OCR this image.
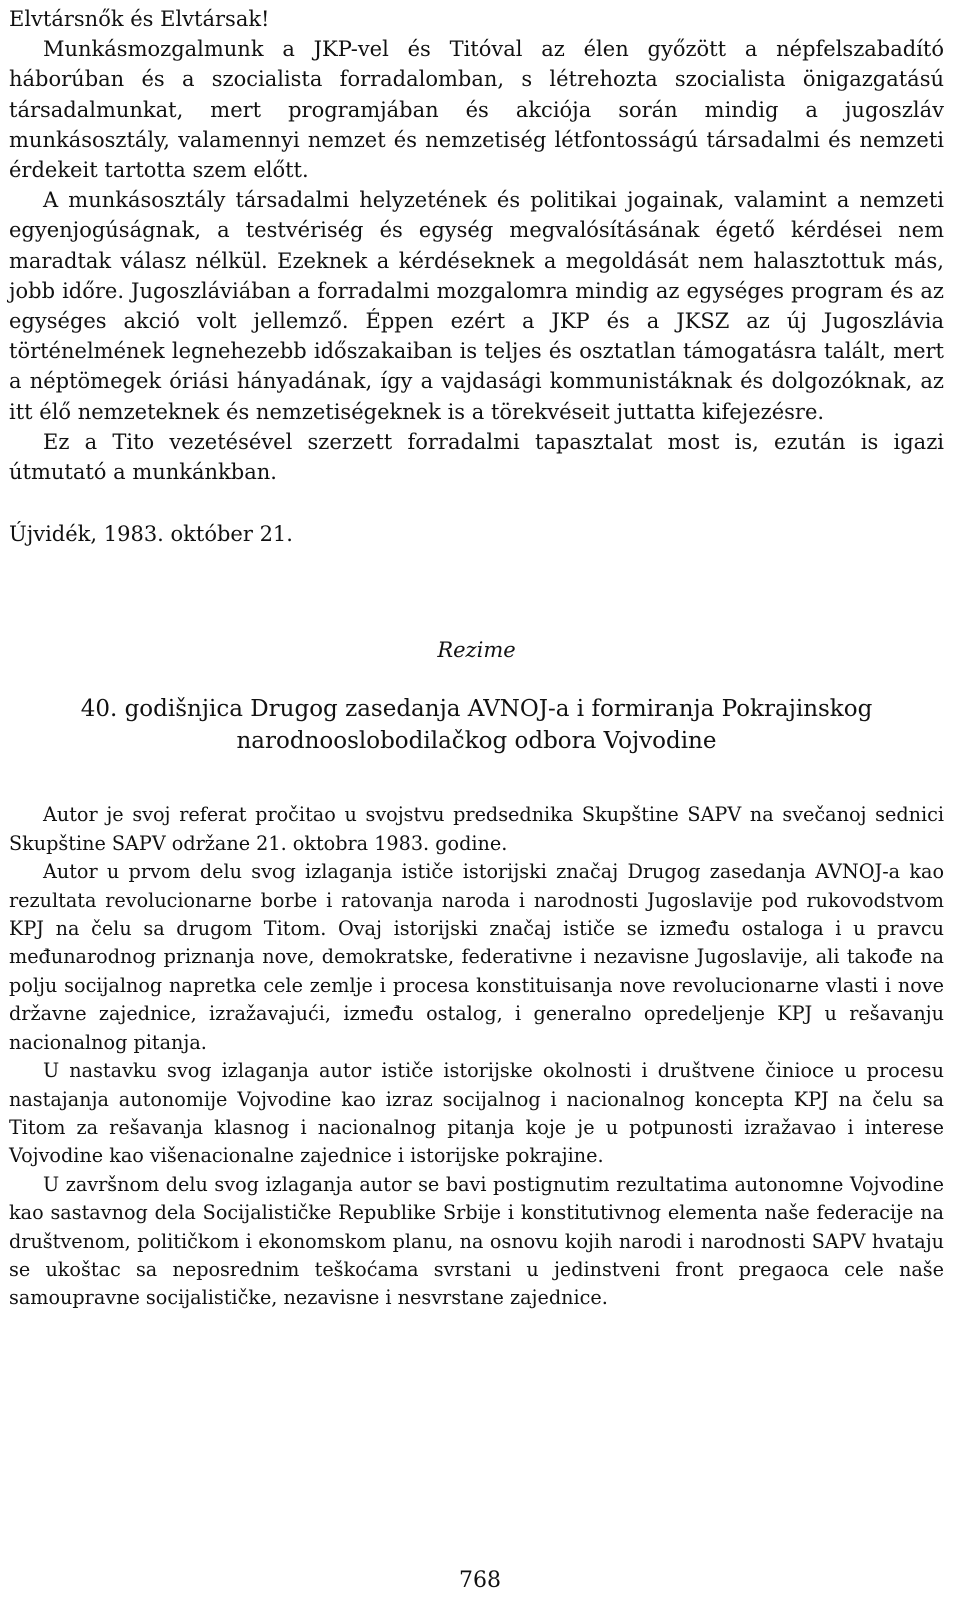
Elvtársnők és Elvtársak!

Munkásmozgalmunk a JKP-vel és Titóval az élen győzött a népfelszabadító háborúban és a szocialista forradalomban, s létrehozta szocialista önigazgatású társadalmunkat, mert programjában és akciója során mindig a jugoszláv munkásosztály, valamennyi nemzet és nemzetiség létfontosságú társadalmi és nemzeti érdekeit tartotta szem előtt.

A munkásosztály társadalmi helyzetének és politikai jogainak, valamint a nemzeti egyenjogúságnak, a testvériség és egység megvalósításának égető kérdései nem maradtak válasz nélkül. Ezeknek a kérdéseknek a megoldását nem halasztottuk más, jobb időre. Jugoszláviában a forradalmi mozgalomra mindig az egységes program és az egységes akció volt jellemző. Éppen ezért a JKP és a JKSZ az új Jugoszlávia történelmének legnehezebb időszakaiban is teljes és osztatlan támogatásra talált, mert a néptömegek óriási hányadának, így a vajdasági kommunistáknak és dolgozóknak, az itt élő nemzeteknek és nemzetiségeknek is a törekvéseit juttatta kifejezésre.

Ez a Tito vezetésével szerzett forradalmi tapasztalat most is, ezután is igazi útmutató a munkánkban.

Újvidék, 1983. október 21.

Rezime
40. godišnjica Drugog zasedanja AVNOJ-a i formiranja Pokrajinskog
narodnooslobodilačkog odbora Vojvodine

Autor je svoj referat pročitao u svojstvu predsednika Skupštine SAPV na svečanoj sednici Skupštine SAPV održane 21. oktobra 1983. godine.

Autor u prvom delu svog izlaganja ističe istorijski značaj Drugog zasedanja AVNOJ-a kao rezultata revolucionarne borbe i ratovanja naroda i narodnosti Jugoslavije pod rukovodstvom KPJ na čelu sa drugom Titom. Ovaj istorijski značaj ističe se između ostaloga i u pravcu međunarodnog priznanja nove, demokratske, federativne i nezavisne Jugoslavije, ali takođe na polju socijalnog napretka cele zemlje i procesa konstituisanja nove revolucionarne vlasti i nove državne zajednice, izražavajući, između ostalog, i generalno opredeljenje KPJ u rešavanju nacionalnog pitanja.

U nastavku svog izlaganja autor ističe istorijske okolnosti i društvene činioce u procesu nastajanja autonomije Vojvodine kao izraz socijalnog i nacionalnog koncepta KPJ na čelu sa Titom za rešavanja klasnog i nacionalnog pitanja koje je u potpunosti izražavao i interese Vojvodine kao višenacionalne zajednice i istorijske pokrajine.

U završnom delu svog izlaganja autor se bavi postignutim rezultatima autonomne Vojvodine kao sastavnog dela Socijalističke Republike Srbije i konstitutivnog elementa naše federacije na društvenom, političkom i ekonomskom planu, na osnovu kojih narodi i narodnosti SAPV hvataju se ukoštac sa neposrednim teškoćama svrstani u jedinstveni front pregaoca cele naše samoupravne socijalističke, nezavisne i nesvrstane zajednice.

768
